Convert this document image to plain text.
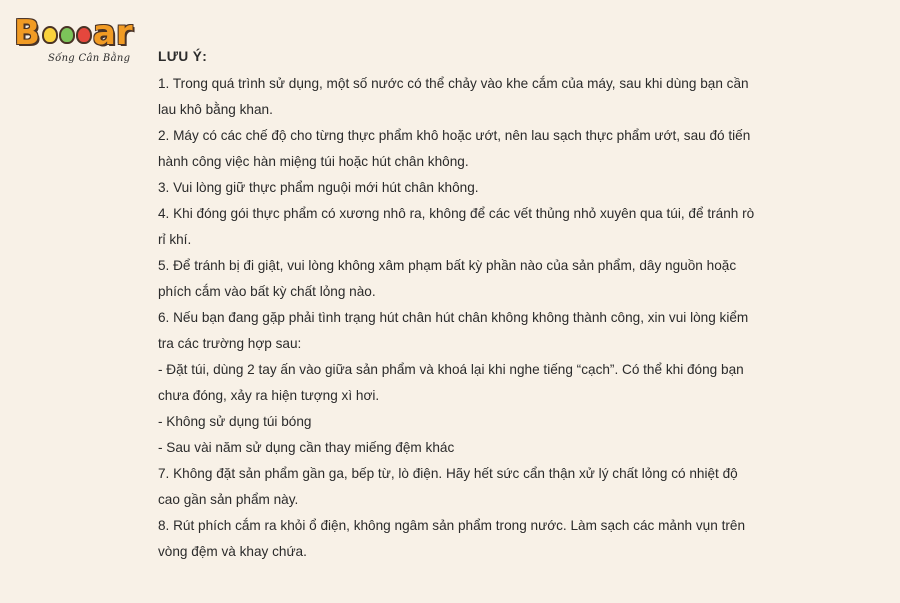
B ar
Sống Cân Bằng LƯU Ý:

1. Trong quá trình sử dụng, một số nước có thể chảy vào khe cắm của máy, sau khi dùng bạn cần lau khô bằng khan.

2. Máy có các chế độ cho từng thực phẩm khô hoặc ướt, nên lau sạch thực phẩm ướt, sau đó tiến hành công việc hàn miệng túi hoặc hút chân không.

3. Vui lòng giữ thực phẩm nguội mới hút chân không.

4. Khi đóng gói thực phẩm có xương nhô ra, không để các vết thủng nhỏ xuyên qua túi, để tránh rò rỉ khí.

5. Để tránh bị đi giật, vui lòng không xâm phạm bất kỳ phần nào của sản phẩm, dây nguồn hoặc phích cắm vào bất kỳ chất lỏng nào.

6. Nếu bạn đang gặp phải tình trạng hút chân hút chân không không thành công, xin vui lòng kiểm tra các trường hợp sau:

- Đặt túi, dùng 2 tay ấn vào giữa sản phẩm và khoá lại khi nghe tiếng “cạch”. Có thể khi đóng bạn chưa đóng, xảy ra hiện tượng xì hơi.

- Không sử dụng túi bóng

- Sau vài năm sử dụng cần thay miếng đệm khác

7. Không đặt sản phẩm gần ga, bếp từ, lò điện. Hãy hết sức cẩn thận xử lý chất lỏng có nhiệt độ cao gần sản phẩm này.

8. Rút phích cắm ra khỏi ổ điện, không ngâm sản phẩm trong nước. Làm sạch các mảnh vụn trên vòng đệm và khay chứa.
